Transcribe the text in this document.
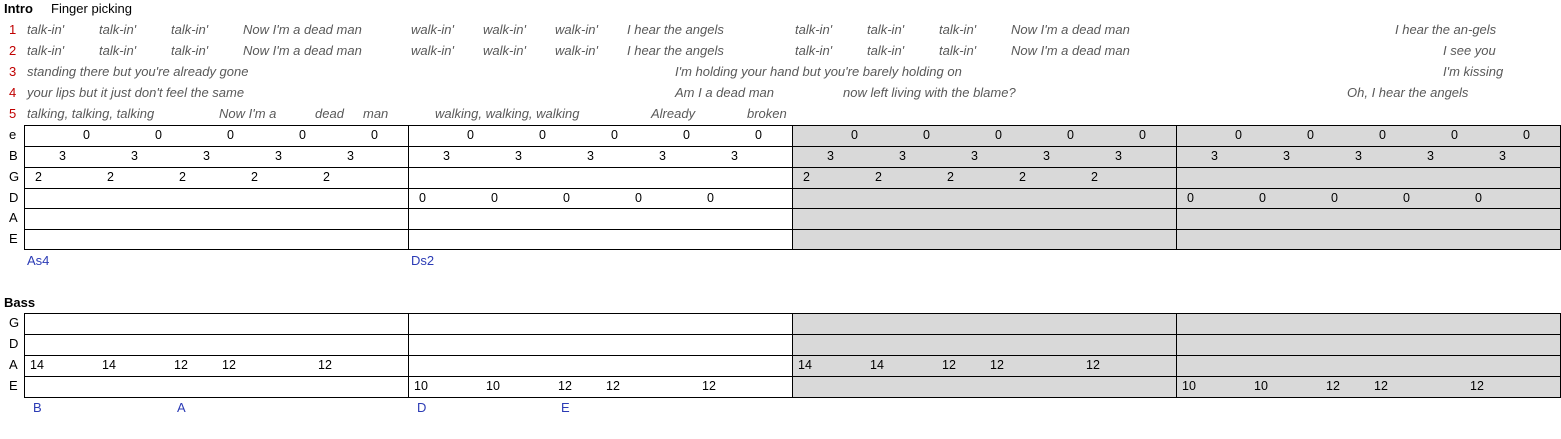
Intro Finger picking
1 talk-in'	talk-in'	talk-in'	Now I'm a dead man	walk-in' walk-in' walk-in' I hear the angels	talk-in'	talk-in'	talk-in'	Now I'm a dead man	I hear the an-gels
2 talk-in'	talk-in'	talk-in'	Now I'm a dead man	walk-in' walk-in' walk-in' I hear the angels	talk-in'	talk-in'	talk-in'	Now I'm a dead man	I see you
3 standing there but you're already gone	I'm holding your hand but you're barely holding on	I'm kissing
4 your lips but it just don't feel the same	Am I a dead man	now left living with the blame?	Oh, I hear the angels
5 talking, talking, talking	Now I'm a	dead man	walking, walking, walking	Already	broken
e	0	0	0	0	0	0	0	0	0	0	0	0	0	0	0	0	0	0	0	0
B	3	3	3	3	3	3	3	3	3	3	3	3	3	3	3	3	3	3	3	3
G 2	2	2	2	2	2	2	2	2	2
D	0	0	0	0	0	0	0	0	0	0
A
E
As4	Ds2
Bass
G
D
A 14	14	12	12	12	14	14	12	12	12
E	10	10	12	12	12	10	10	12	12	12
B	A	D	E
